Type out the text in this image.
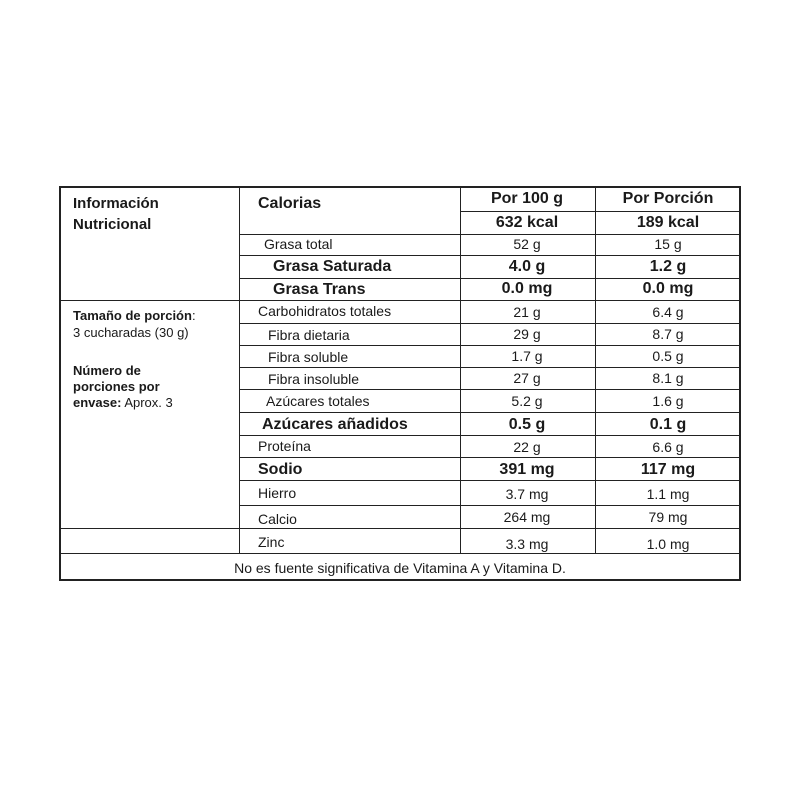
Información
Nutricional
Calorias	Por 100 g	Por Porción
632 kcal	189 kcal
Tamaño de porción:
3 cucharadas (30 g)
Número de
porciones por
envase: Aprox. 3
Grasa total	52 g	15 g
Grasa Saturada	4.0 g	1.2 g
Grasa Trans	0.0 mg	0.0 mg
Carbohidratos totales	21 g	6.4 g
Fibra dietaria	29 g	8.7 g
Fibra soluble	1.7 g	0.5 g
Fibra insoluble	27 g	8.1 g
Azúcares totales	5.2 g	1.6 g
Azúcares añadidos	0.5 g	0.1 g
Proteína	22 g	6.6 g
Sodio	391 mg	117 mg
Hierro	3.7 mg	1.1 mg
Calcio	264 mg	79 mg
Zinc	3.3 mg	1.0 mg
No es fuente significativa de Vitamina A y Vitamina D.
